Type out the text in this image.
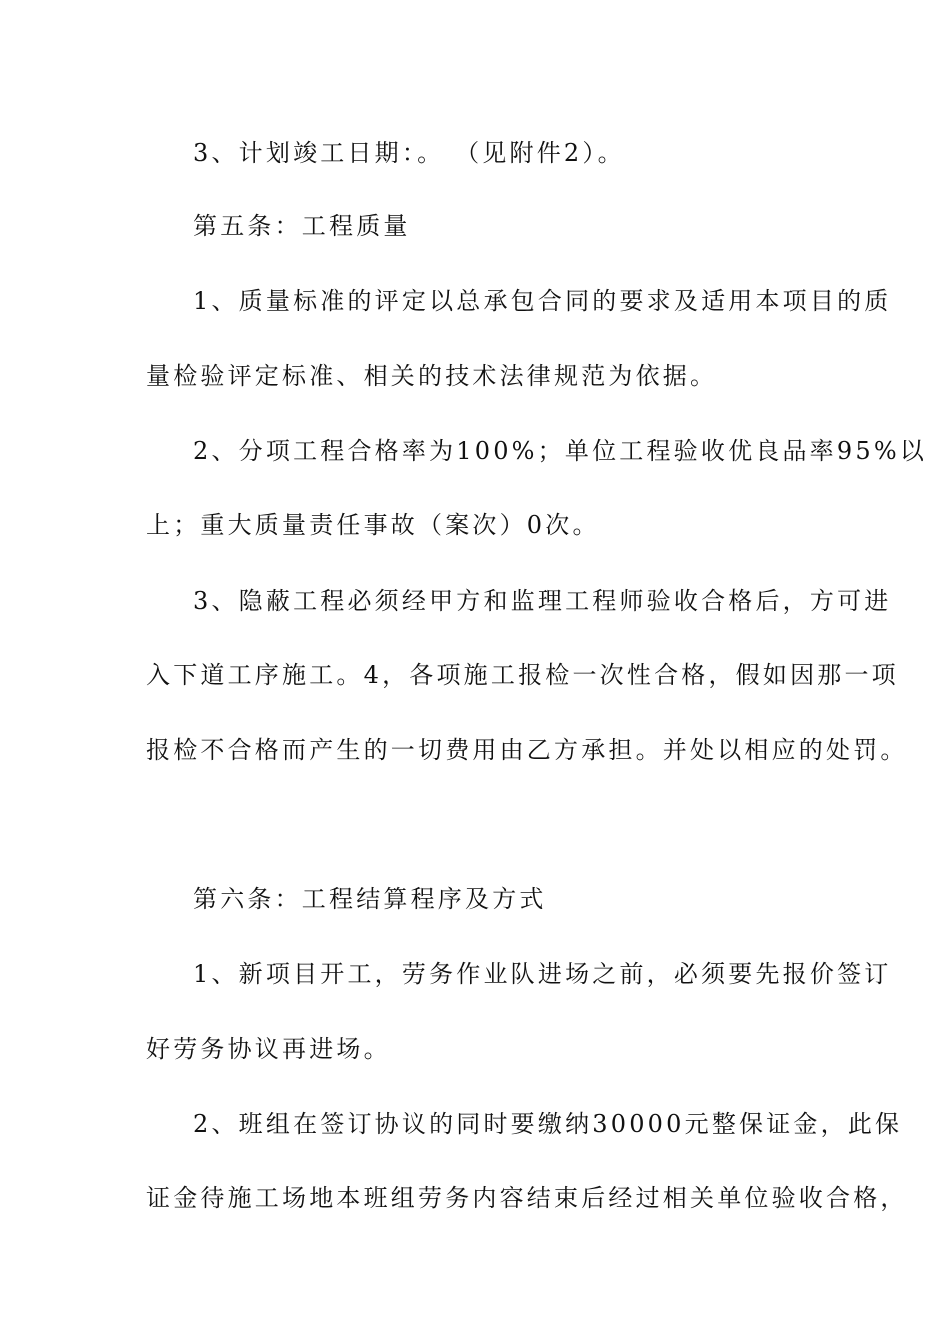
3、计划竣工日期：。 （见附件2）。
第五条：工程质量
1、质量标准的评定以总承包合同的要求及适用本项目的质
量检验评定标准、相关的技术法律规范为依据。
2、分项工程合格率为100%；单位工程验收优良品率95%以
上；重大质量责任事故（案次）0次。
3、隐蔽工程必须经甲方和监理工程师验收合格后，方可进
入下道工序施工。4，各项施工报检一次性合格，假如因那一项
报检不合格而产生的一切费用由乙方承担。并处以相应的处罚。
第六条：工程结算程序及方式
1、新项目开工，劳务作业队进场之前，必须要先报价签订
好劳务协议再进场。
2、班组在签订协议的同时要缴纳30000元整保证金，此保
证金待施工场地本班组劳务内容结束后经过相关单位验收合格，
